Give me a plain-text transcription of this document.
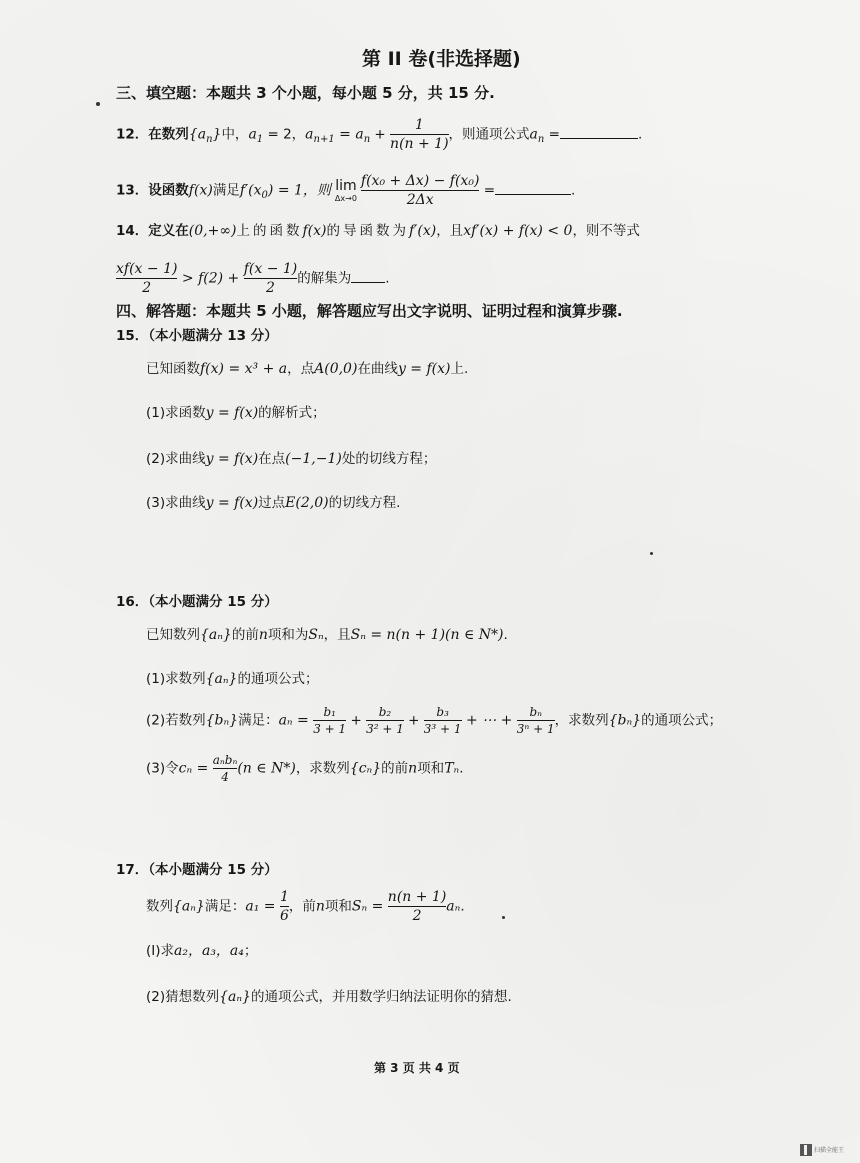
第 II 卷(非选择题)
三、填空题：本题共 3 个小题，每小题 5 分，共 15 分.
12．在数列$\{a_n\}$中，$a_1 = 2$，$a_{n+1} = a_n + \frac{1}{n(n + 1)}$ ，则通项公式$a_n$ =	.
13．设函数f(x)满足$f'(x_0) = 1$，则 lim
$\Delta x\to 0 \frac{\text{f(x₀ + Δx) − f(x₀)}}{2\Delta x}$ =	.
14．定义在(0,+∞)上的函数f(x)的导函数为f′(x)，且xf′(x) + f(x) < 0，则不等式
$\frac{xf(x - 1)}{2} > f(2) + \frac{f(x - 1)}{2}$ 的解集为	.
四、解答题：本题共 5 小题，解答题应写出文字说明、证明过程和演算步骤.
15．（本小题满分 13 分）
已知函数f(x) = x³ + a，点A(0,0)在曲线y = f(x)上.
(1)求函数y = f(x)的解析式；
(2)求曲线y = f(x)在点(−1,−1)处的切线方程；
(3)求曲线y = f(x)过点E(2,0)的切线方程.
16．（本小题满分 15 分）
已知数列{aₙ}的前n项和为Sₙ，且Sₙ = n(n + 1)(n ∈ N*).
(1)求数列{aₙ}的通项公式；
(2)若数列{bₙ}满足：$a_n = \frac{\text{b₁}}{3 + 1} + \frac{\text{b₂}}{\text{3² + 1}} + \frac{\text{b₃}}{\text{3³ + 1}}$ + ⋯ + $\frac{\text{bₙ}}{\text{3ⁿ + 1}}$ ，求数列{bₙ}的通项公式；
(3)令$c_n = \frac{\text{aₙbₙ}}{4} (n$ ∈ N*)，求数列{cₙ}的前n项和Tₙ.
17．（本小题满分 15 分）
数列{aₙ}满足：$a_1 = \frac{1}{6}$ ，前n项和$S_n = \frac{n(n + 1)}{2} a_n$.
(I)求a₂，a₃，a₄；
(2)猜想数列{aₙ}的通项公式，并用数学归纳法证明你的猜想.
第 3 页 共 4 页
扫描全能王
